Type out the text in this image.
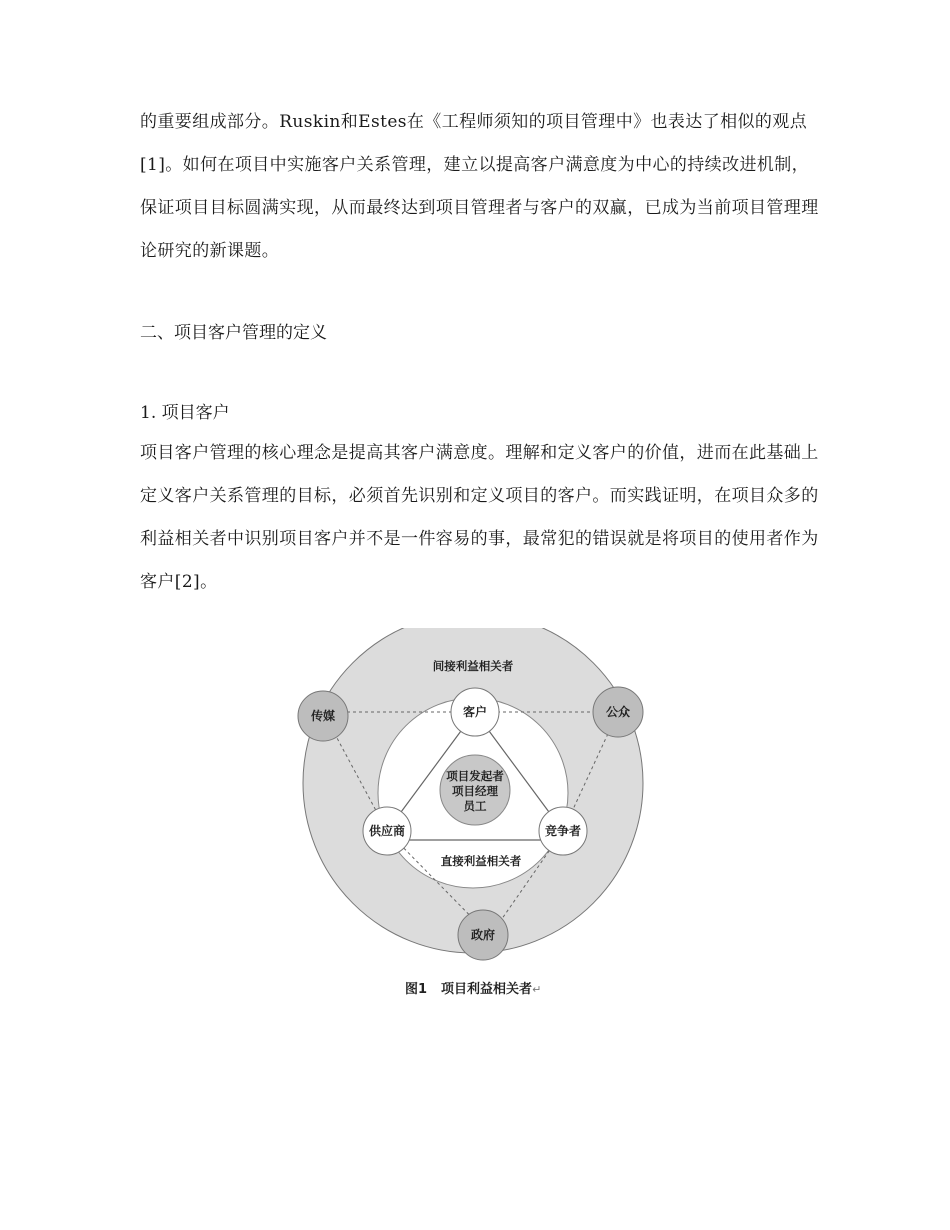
的重要组成部分。Ruskin和Estes在《工程师须知的项目管理中》也表达了相似的观点[1]。如何在项目中实施客户关系管理，建立以提高客户满意度为中心的持续改进机制，保证项目目标圆满实现，从而最终达到项目管理者与客户的双赢，已成为当前项目管理理论研究的新课题。

二、项目客户管理的定义

1. 项目客户

项目客户管理的核心理念是提高其客户满意度。理解和定义客户的价值，进而在此基础上定义客户关系管理的目标，必须首先识别和定义项目的客户。而实践证明，在项目众多的利益相关者中识别项目客户并不是一件容易的事，最常犯的错误就是将项目的使用者作为客户[2]。

间接利益相关者
直接利益相关者
项目发起者
项目经理
员工
客户
供应商	竞争者
传媒	公众
政府
图1 项目利益相关者↵
